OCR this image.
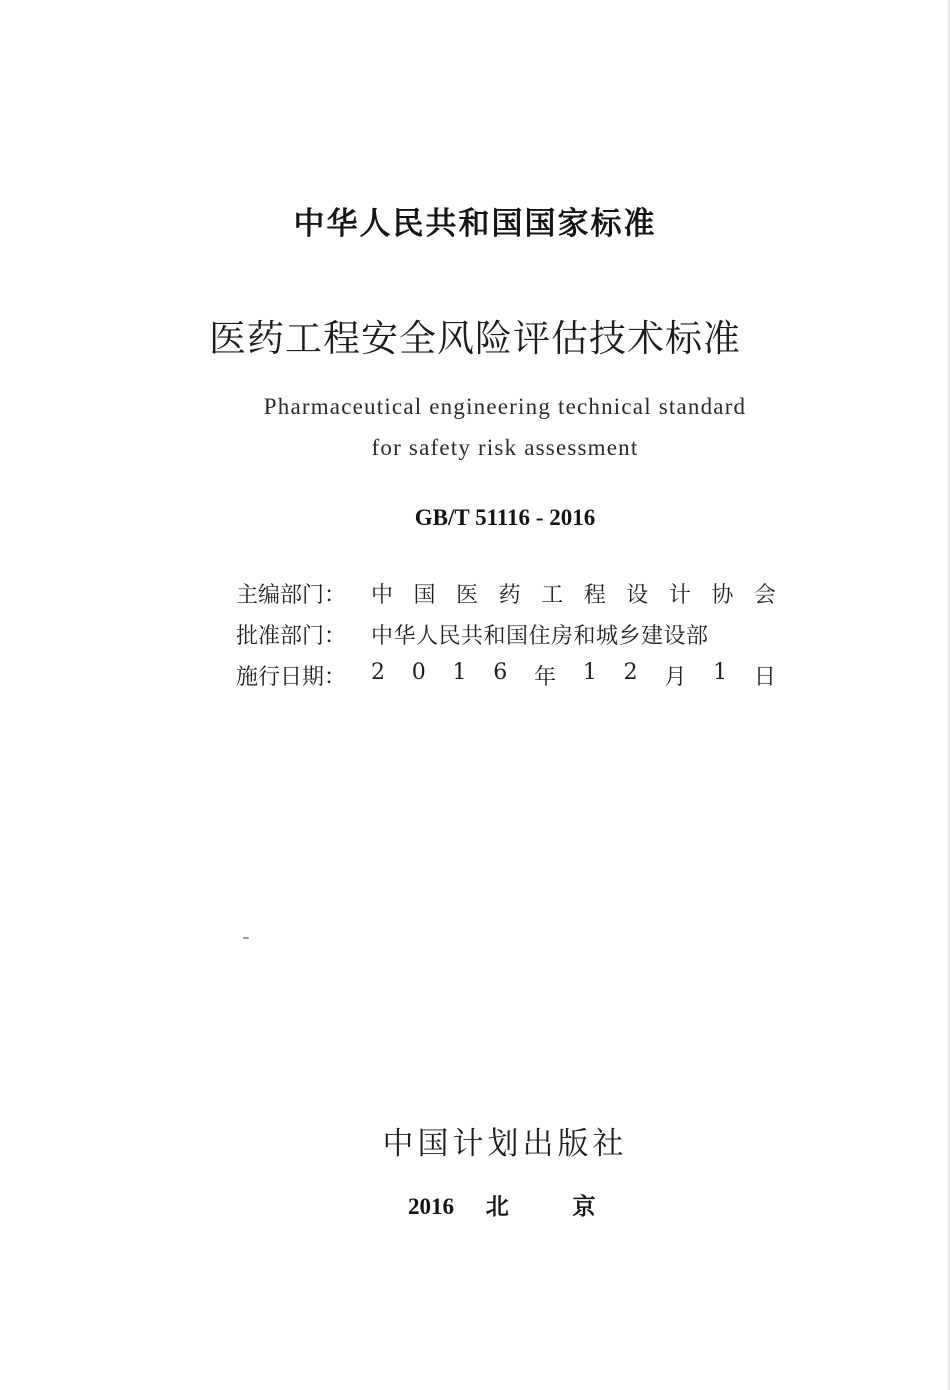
中华人民共和国国家标准
医药工程安全风险评估技术标准
Pharmaceutical engineering technical standard
for safety risk assessment
GB/T 51116 - 2016
主编部门：	中 国 医 药 工 程 设 计 协 会
批准部门：	中华人民共和国住房和城乡建设部
施行日期：	2 0 1 6 年 1 2 月 1 日
中国计划出版社
2016 北	京
